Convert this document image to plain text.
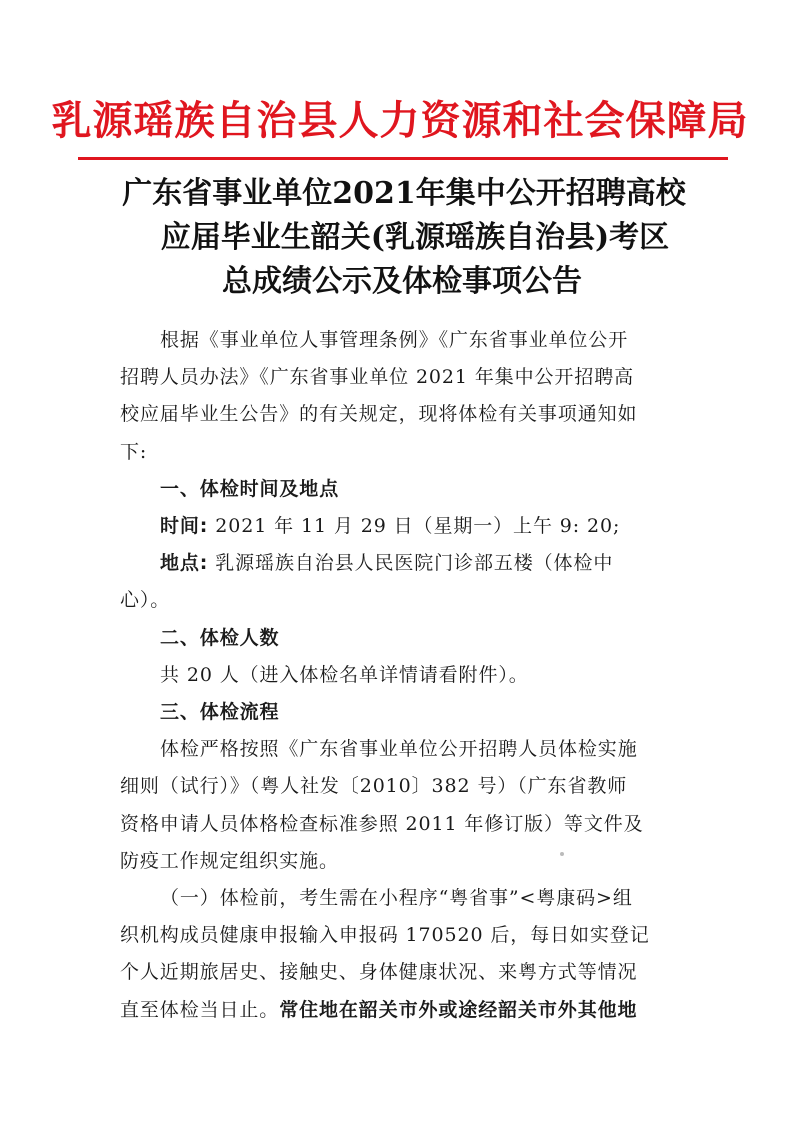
乳源瑶族自治县人力资源和社会保障局
广东省事业单位2021年集中公开招聘高校
应届毕业生韶关(乳源瑶族自治县)考区
总成绩公示及体检事项公告

根据《事业单位人事管理条例》《广东省事业单位公开

招聘人员办法》《广东省事业单位 2021 年集中公开招聘高

校应届毕业生公告》的有关规定，现将体检有关事项通知如

下:

一、体检时间及地点

时间: 2021 年 11 月 29 日（星期一）上午 9: 20;

地点: 乳源瑶族自治县人民医院门诊部五楼（体检中

心）。

二、体检人数

共 20 人（进入体检名单详情请看附件）。

三、体检流程

体检严格按照《广东省事业单位公开招聘人员体检实施

细则（试行）》（粤人社发〔2010〕382 号）（广东省教师

资格申请人员体格检查标准参照 2011 年修订版）等文件及

防疫工作规定组织实施。

（一）体检前，考生需在小程序“粤省事”<粤康码>组

织机构成员健康申报输入申报码 170520 后，每日如实登记

个人近期旅居史、接触史、身体健康状况、来粤方式等情况

直至体检当日止。常住地在韶关市外或途经韶关市外其他地
